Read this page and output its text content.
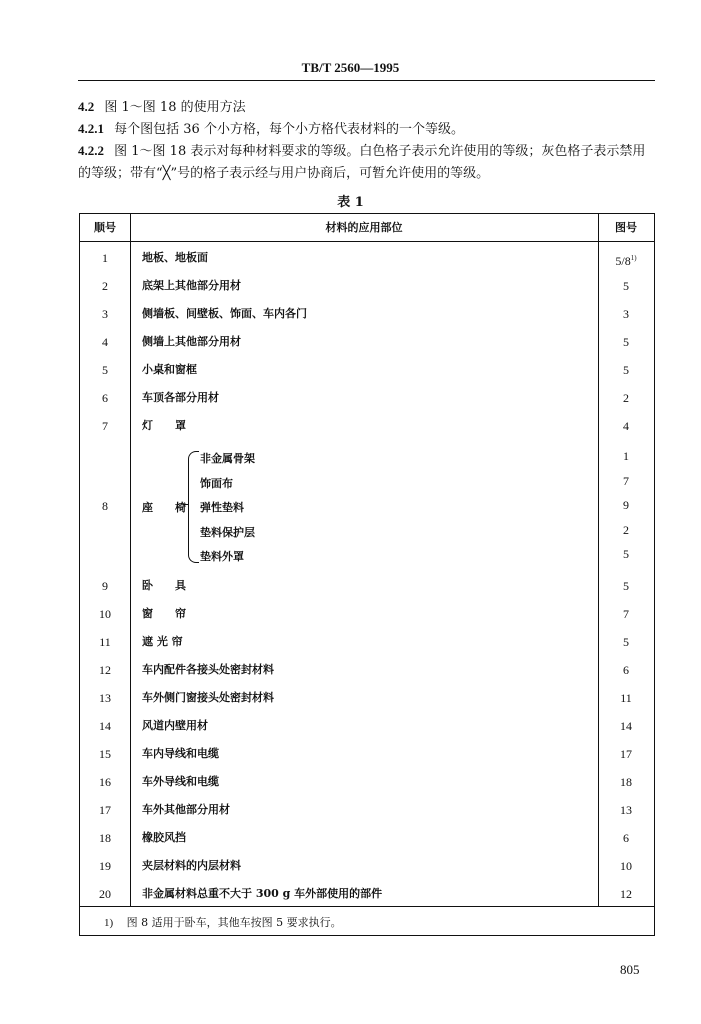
TB/T 2560—1995
4.2 图 1～图 18 的使用方法
4.2.1 每个图包括 36 个小方格，每个小方格代表材料的一个等级。
4.2.2 图 1～图 18 表示对每种材料要求的等级。白色格子表示允许使用的等级；灰色格子表示禁用的等级；带有“╳”号的格子表示经与用户协商后，可暂允许使用的等级。
表 1
顺号	材料的应用部位	图号
1	地板、地板面	5/8$^{1)}$
2	底架上其他部分用材	5
3	侧墙板、间壁板、饰面、车内各门	3
4	侧墙上其他部分用材	5
5	小桌和窗框	5
6	车顶各部分用材	2
7	灯　　罩	4
8	座　　椅
非金属骨架	1
饰面布	7
弹性垫料	9
垫料保护层	2
垫料外罩	5
9	卧　　具	5
10	窗　　帘	7
11	遮 光 帘	5
12	车内配件各接头处密封材料	6
13	车外侧门窗接头处密封材料	11
14	风道内壁用材	14
15	车内导线和电缆	17
16	车外导线和电缆	18
17	车外其他部分用材	13
18	橡胶风挡	6
19	夹层材料的内层材料	10
20	非金属材料总重不大于 300 g 车外部使用的部件	12
1) 图 8 适用于卧车，其他车按图 5 要求执行。
805
